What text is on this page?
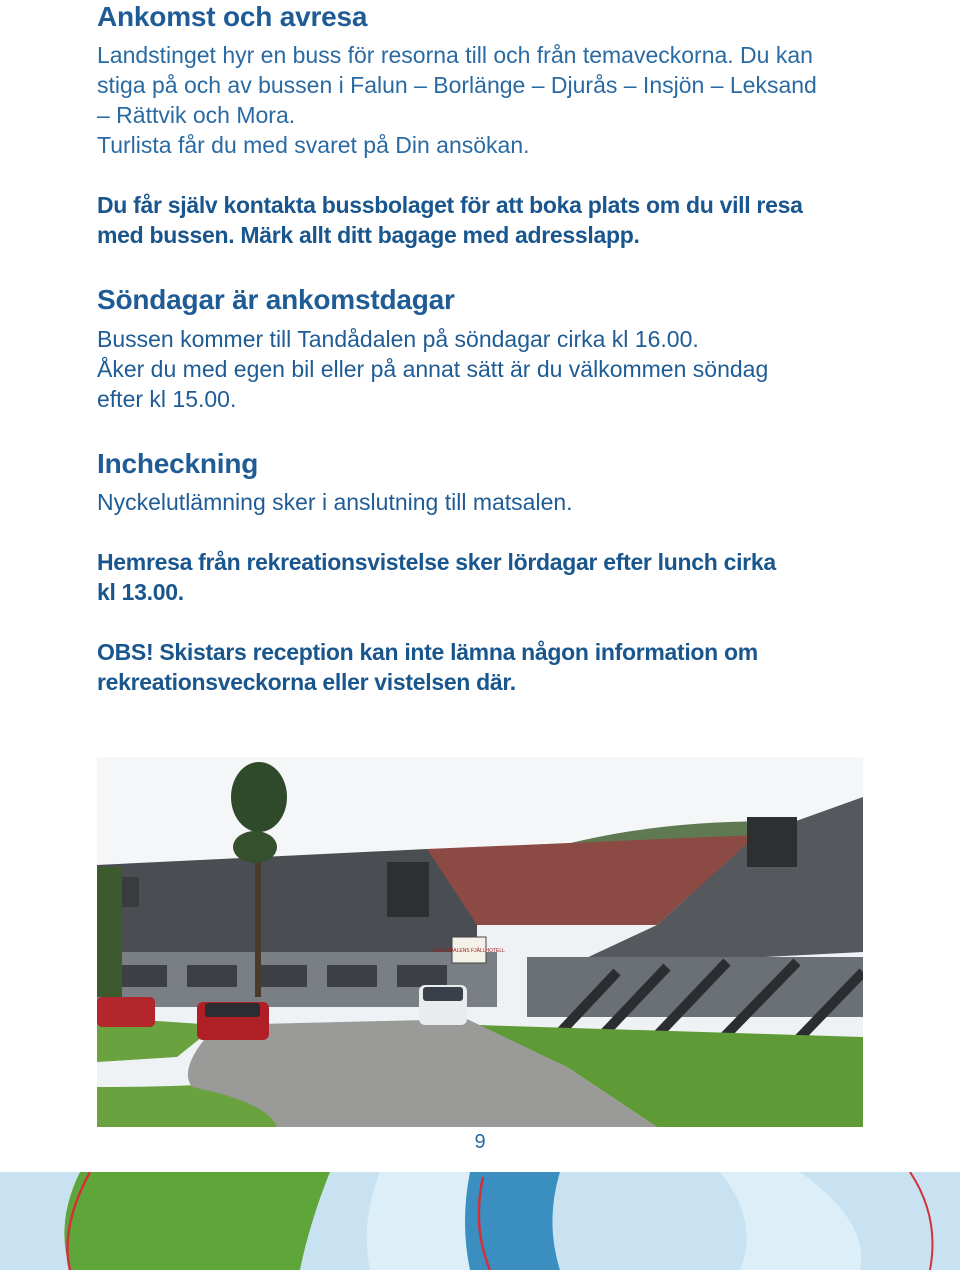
Ankomst och avresa

Landstinget hyr en buss för resorna till och från temaveckorna. Du kan
stiga på och av bussen i Falun – Borlänge – Djurås – Insjön – Leksand
– Rättvik och Mora.
Turlista får du med svaret på Din ansökan.

Du får själv kontakta bussbolaget för att boka plats om du vill resa
med bussen. Märk allt ditt bagage med adresslapp.

Söndagar är ankomstdagar

Bussen kommer till Tandådalen på söndagar cirka kl 16.00.
Åker du med egen bil eller på annat sätt är du välkommen söndag
efter kl 15.00.

Incheckning

Nyckelutlämning sker i anslutning till matsalen.

Hemresa från rekreationsvistelse sker lördagar efter lunch cirka
kl 13.00.

OBS! Skistars reception kan inte lämna någon information om
rekreationsveckorna eller vistelsen där.

TANDÅDALENS FJÄLLHOTELL
9
